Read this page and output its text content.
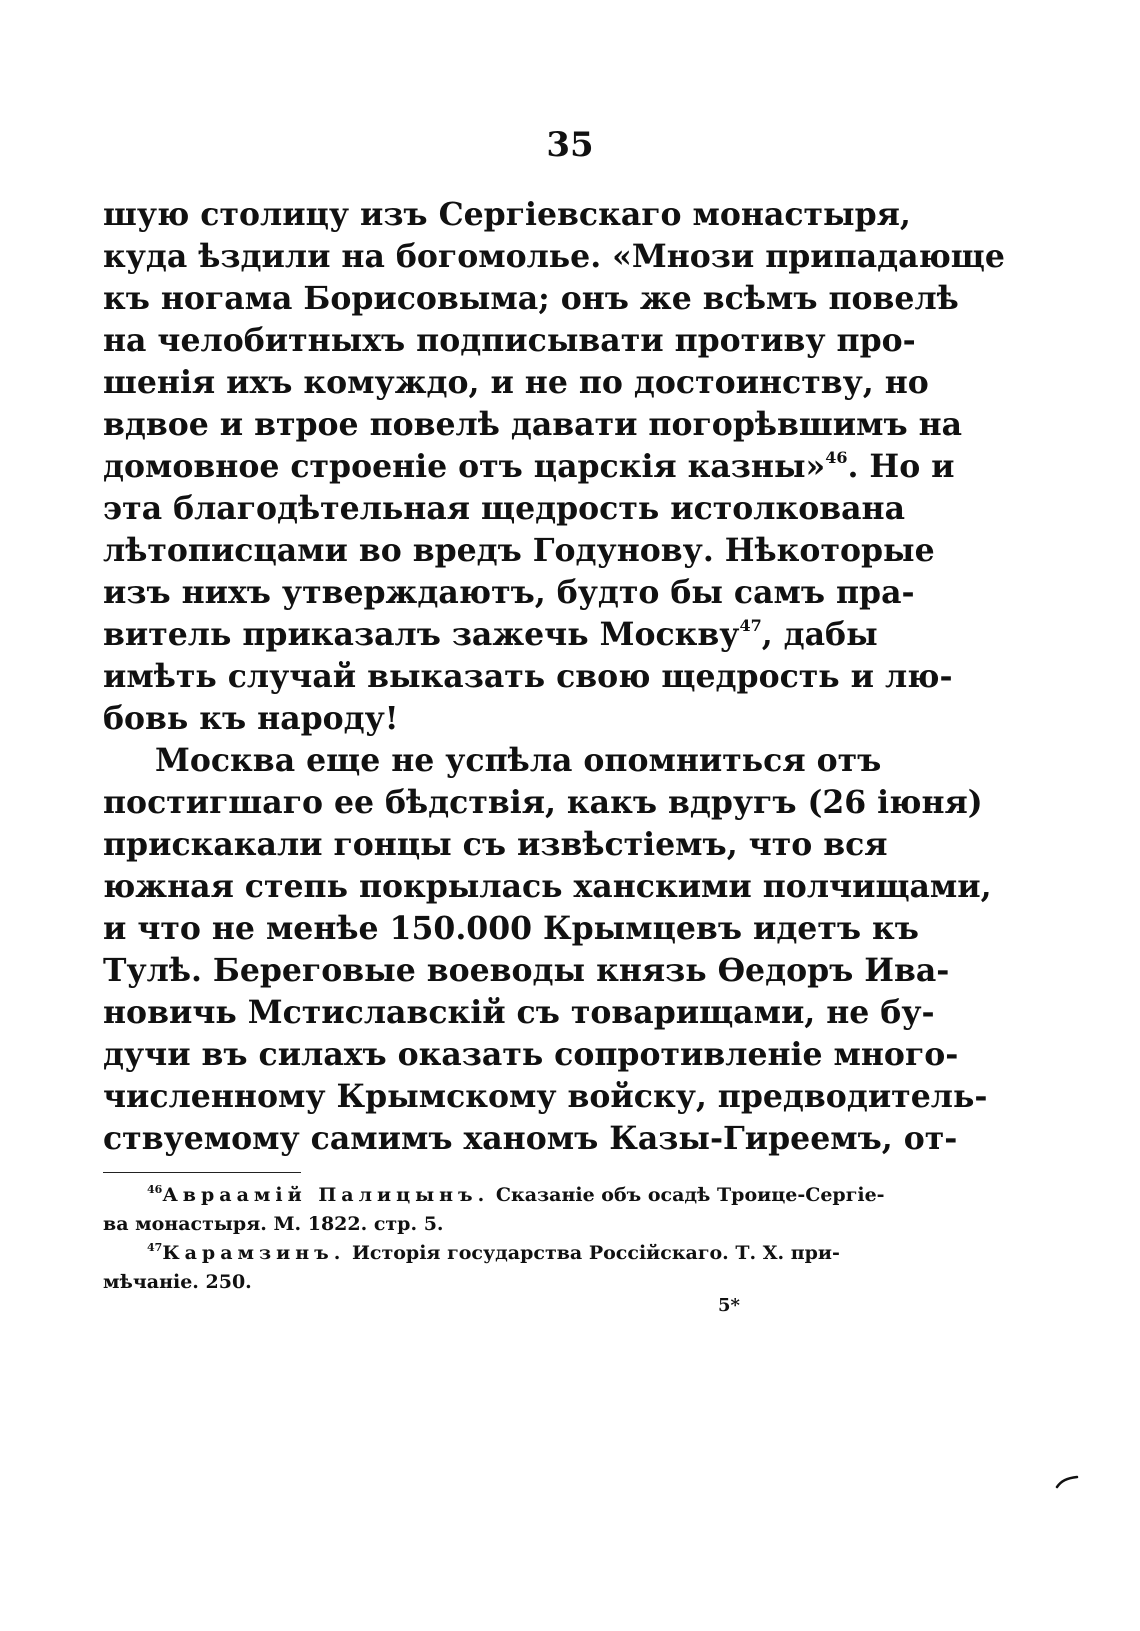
35
шую столицу изъ Сергіевскаго монастыря,
куда ѣздили на богомолье. «Мнози припадающе
къ ногама Борисовыма; онъ же всѣмъ повелѣ
на челобитныхъ подписывати противу про-
шенія ихъ комуждо, и не по достоинству, но
вдвое и втрое повелѣ давати погорѣвшимъ на
домовное строеніе отъ царскія казны»$^{46}$. Но и
эта благодѣтельная щедрость истолкована
лѣтописцами во вредъ Годунову. Нѣкоторые
изъ нихъ утверждаютъ, будто бы самъ пра-
витель приказалъ зажечь Москву$^{47}$, дабы
имѣть случай выказать свою щедрость и лю-
бовь къ народу!
Москва еще не успѣла опомниться отъ
постигшаго ее бѣдствія, какъ вдругъ (26 іюня)
прискакали гонцы съ извѣстіемъ, что вся
южная степь покрылась ханскими полчищами,
и что не менѣе 150.000 Крымцевъ идетъ къ
Тулѣ. Береговые воеводы князь Ѳедоръ Ива-
новичь Мстиславскій съ товарищами, не бу-
дучи въ силахъ оказать сопротивленіе много-
численному Крымскому войску, предводитель-
ствуемому самимъ ханомъ Казы-Гиреемъ, от-
$^{46}$Авраамій Палицынъ. Сказаніе объ осадѣ Троице-Сергіе-
ва монастыря. М. 1822. стр. 5.
$^{47}$Карамзинъ. Исторія государства Россійскаго. Т. X. при-
мѣчаніе. 250.
5*
